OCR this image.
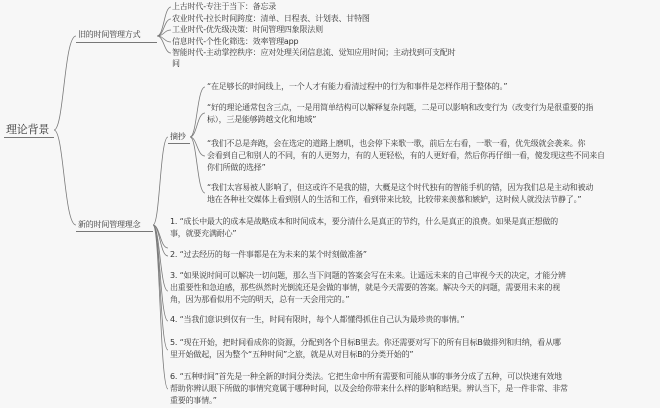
理论背景
旧的时间管理方式
上古时代-专注于当下：备忘录
农业时代-拉长时间跨度：清单、日程表、计划表、甘特图
工业时代-优先级决策：时间管理四象限法则
信息时代-个性化筛选：效率管理app
智能时代-主动掌控秩序：应对处理关闭信息流、觉知应用时间；主动找到可支配时
间
新的时间管理理念
摘抄
“在足够长的时间线上，一个人才有能力看清过程中的行为和事件是怎样作用于整体的。”
“好的理论通常包含三点，一是用简单结构可以解释复杂问题，二是可以影响和改变行为（改变行为是很重要的指
标），三是能够跨越文化和地域”
“我们不总是奔跑，会在选定的道路上磨叽，也会停下来歌一歌，前后左右看，一歌一看，优先级就会袭来。你
会看到自己和别人的不同，有的人更努力，有的人更轻松，有的人更好看，然后你再仔细一看，傻发现这些不同来自
你们所做的选择”
“我们太容易被人影响了，但这或许不是我的错，大概是这个时代独有的智能手机的错，因为我们总是主动和被动
地在各种社交媒体上看到别人的生活和工作，看到带来比较，比较带来羡慕和嫉妒，这时候人就没法节静了。”
1. “成长中最大的成本是战略成本和时间成本，要分清什么是真正的节约，什么是真正的浪费。如果是真正想做的
事，就要充满耐心”
2. “过去经历的每一件事都是在为未来的某个时刻做准备”
3. “如果说时间可以解决一切问题，那么当下问题的答案会写在未来。让遥远未来的自己审视今天的决定，才能分辨
出重要性和急迫感，那些纵然时光倒流还是会做的事情，就是今天需要的答案。解决今天的问题，需要用未来的视
角，因为那看似用不完的明天，总有一天会用完的。”
4. “当我们意识到仅有一生，时间有限时，每个人都懂得抓住自己认为最珍贵的事情。”
5. “现在开始，把时间看成你的资源，分配到各个目标B里去。你还需要对写下的所有目标B做排列和归纳，看从哪
里开始做起，因为整个“五种时间”之旅，就是从对目标B的分类开始的”
6. “五种时间”首先是一种全新的时间分类法。它把生命中所有需要和可能从事的事务分成了五种，可以快速有效地
帮助你辨认眼下所做的事情究竟属于哪种时间，以及会给你带来什么样的影响和结果。辨认当下，是一件非常、非常
重要的事情。”
